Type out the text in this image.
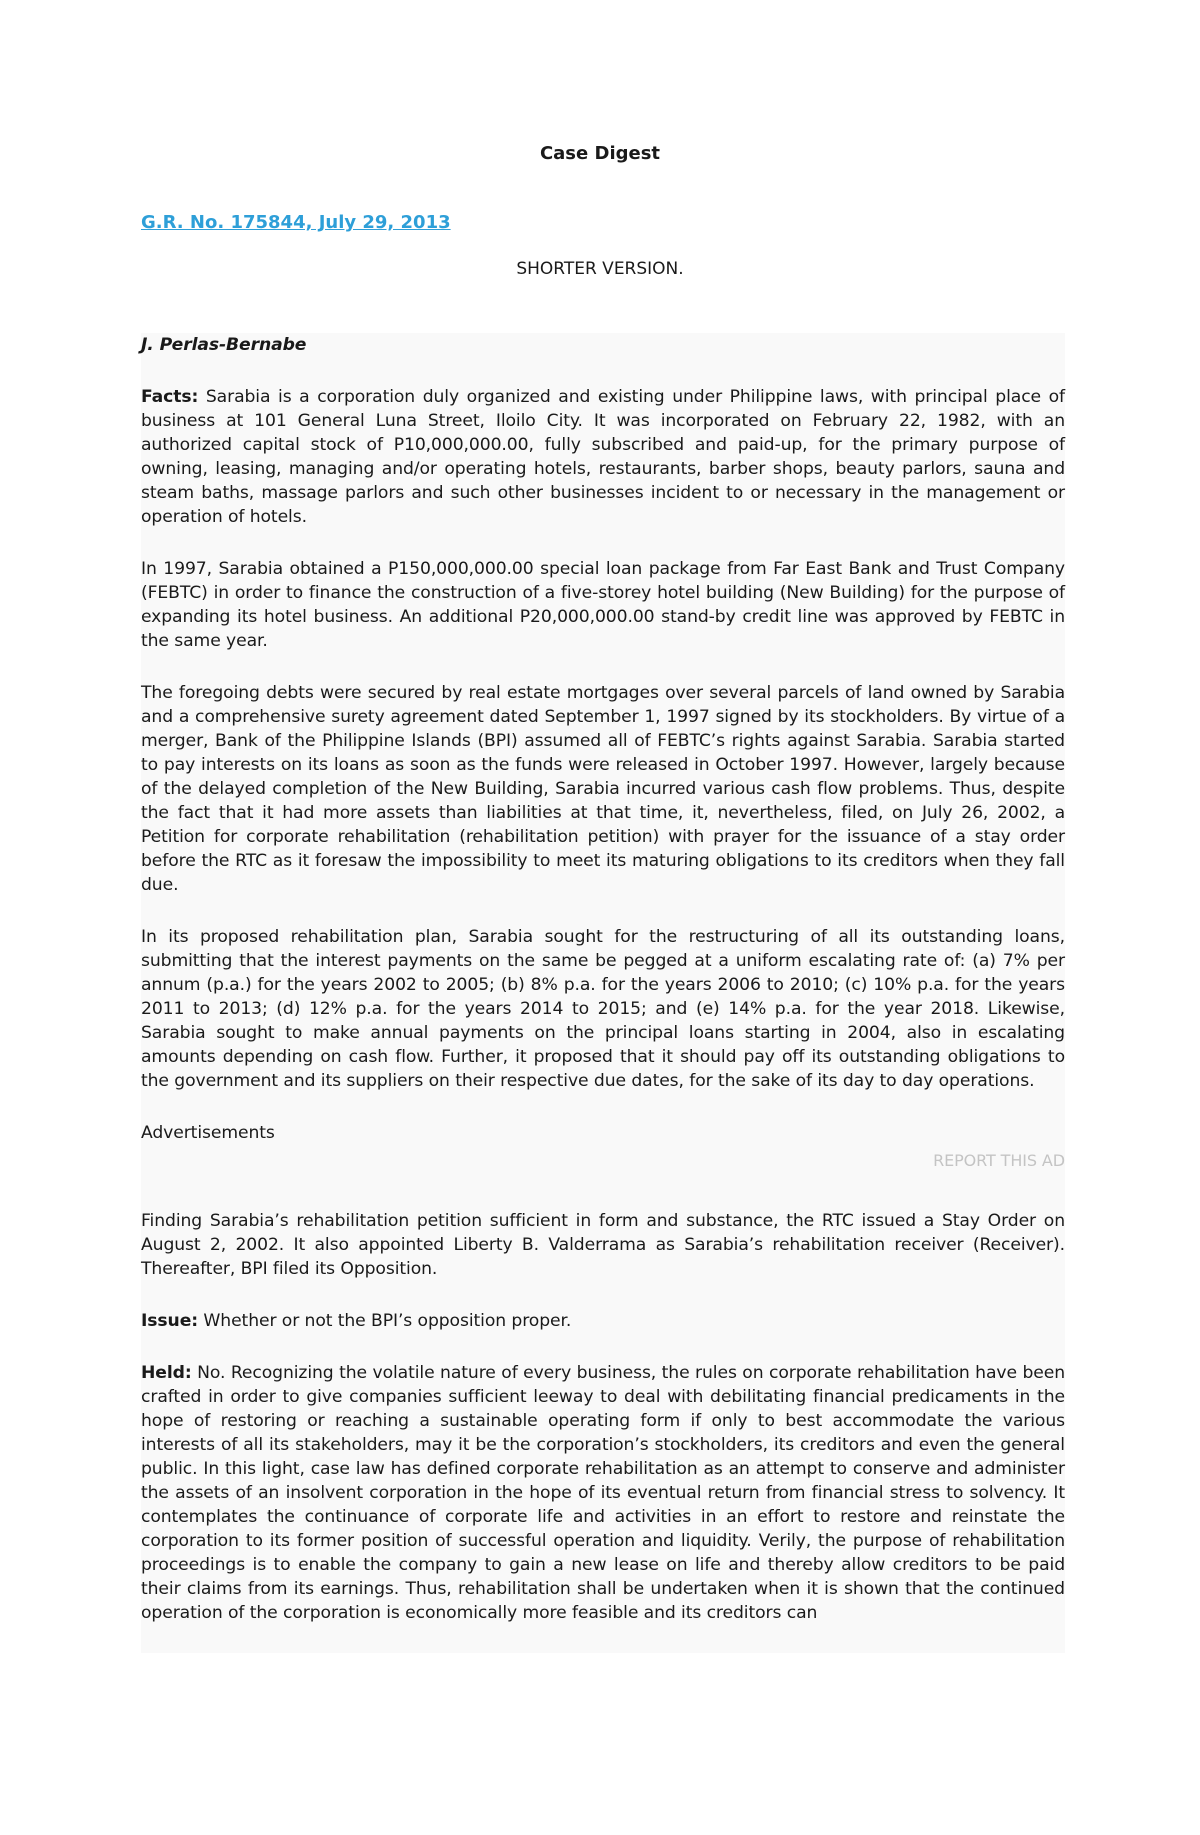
Case Digest
G.R. No. 175844, July 29, 2013
SHORTER VERSION.
J. Perlas-Bernabe

Facts: Sarabia is a corporation duly organized and existing under Philippine laws, with principal place of business at 101 General Luna Street, Iloilo City. It was incorporated on February 22, 1982, with an authorized capital stock of P10,000,000.00, fully subscribed and paid-up, for the primary purpose of owning, leasing, managing and/or operating hotels, restaurants, barber shops, beauty parlors, sauna and steam baths, massage parlors and such other businesses incident to or necessary in the management or operation of hotels.

In 1997, Sarabia obtained a P150,000,000.00 special loan package from Far East Bank and Trust Company (FEBTC) in order to finance the construction of a five-storey hotel building (New Building) for the purpose of expanding its hotel business. An additional P20,000,000.00 stand-by credit line was approved by FEBTC in the same year.

The foregoing debts were secured by real estate mortgages over several parcels of land owned by Sarabia and a comprehensive surety agreement dated September 1, 1997 signed by its stockholders. By virtue of a merger, Bank of the Philippine Islands (BPI) assumed all of FEBTC’s rights against Sarabia. Sarabia started to pay interests on its loans as soon as the funds were released in October 1997. However, largely because of the delayed completion of the New Building, Sarabia incurred various cash flow problems. Thus, despite the fact that it had more assets than liabilities at that time, it, nevertheless, filed, on July 26, 2002, a Petition for corporate rehabilitation (rehabilitation petition) with prayer for the issuance of a stay order before the RTC as it foresaw the impossibility to meet its maturing obligations to its creditors when they fall due.

In its proposed rehabilitation plan, Sarabia sought for the restructuring of all its outstanding loans, submitting that the interest payments on the same be pegged at a uniform escalating rate of: (a) 7% per annum (p.a.) for the years 2002 to 2005; (b) 8% p.a. for the years 2006 to 2010; (c) 10% p.a. for the years 2011 to 2013; (d) 12% p.a. for the years 2014 to 2015; and (e) 14% p.a. for the year 2018. Likewise, Sarabia sought to make annual payments on the principal loans starting in 2004, also in escalating amounts depending on cash flow. Further, it proposed that it should pay off its outstanding obligations to the government and its suppliers on their respective due dates, for the sake of its day to day operations.

Advertisements
REPORT THIS AD

Finding Sarabia’s rehabilitation petition sufficient in form and substance, the RTC issued a Stay Order on August 2, 2002. It also appointed Liberty B. Valderrama as Sarabia’s rehabilitation receiver (Receiver). Thereafter, BPI filed its Opposition.

Issue: Whether or not the BPI’s opposition proper.

Held: No. Recognizing the volatile nature of every business, the rules on corporate rehabilitation have been crafted in order to give companies sufficient leeway to deal with debilitating financial predicaments in the hope of restoring or reaching a sustainable operating form if only to best accommodate the various interests of all its stakeholders, may it be the corporation’s stockholders, its creditors and even the general public. In this light, case law has defined corporate rehabilitation as an attempt to conserve and administer the assets of an insolvent corporation in the hope of its eventual return from financial stress to solvency. It contemplates the continuance of corporate life and activities in an effort to restore and reinstate the corporation to its former position of successful operation and liquidity. Verily, the purpose of rehabilitation proceedings is to enable the company to gain a new lease on life and thereby allow creditors to be paid their claims from its earnings. Thus, rehabilitation shall be undertaken when it is shown that the continued operation of the corporation is economically more feasible and its creditors can
